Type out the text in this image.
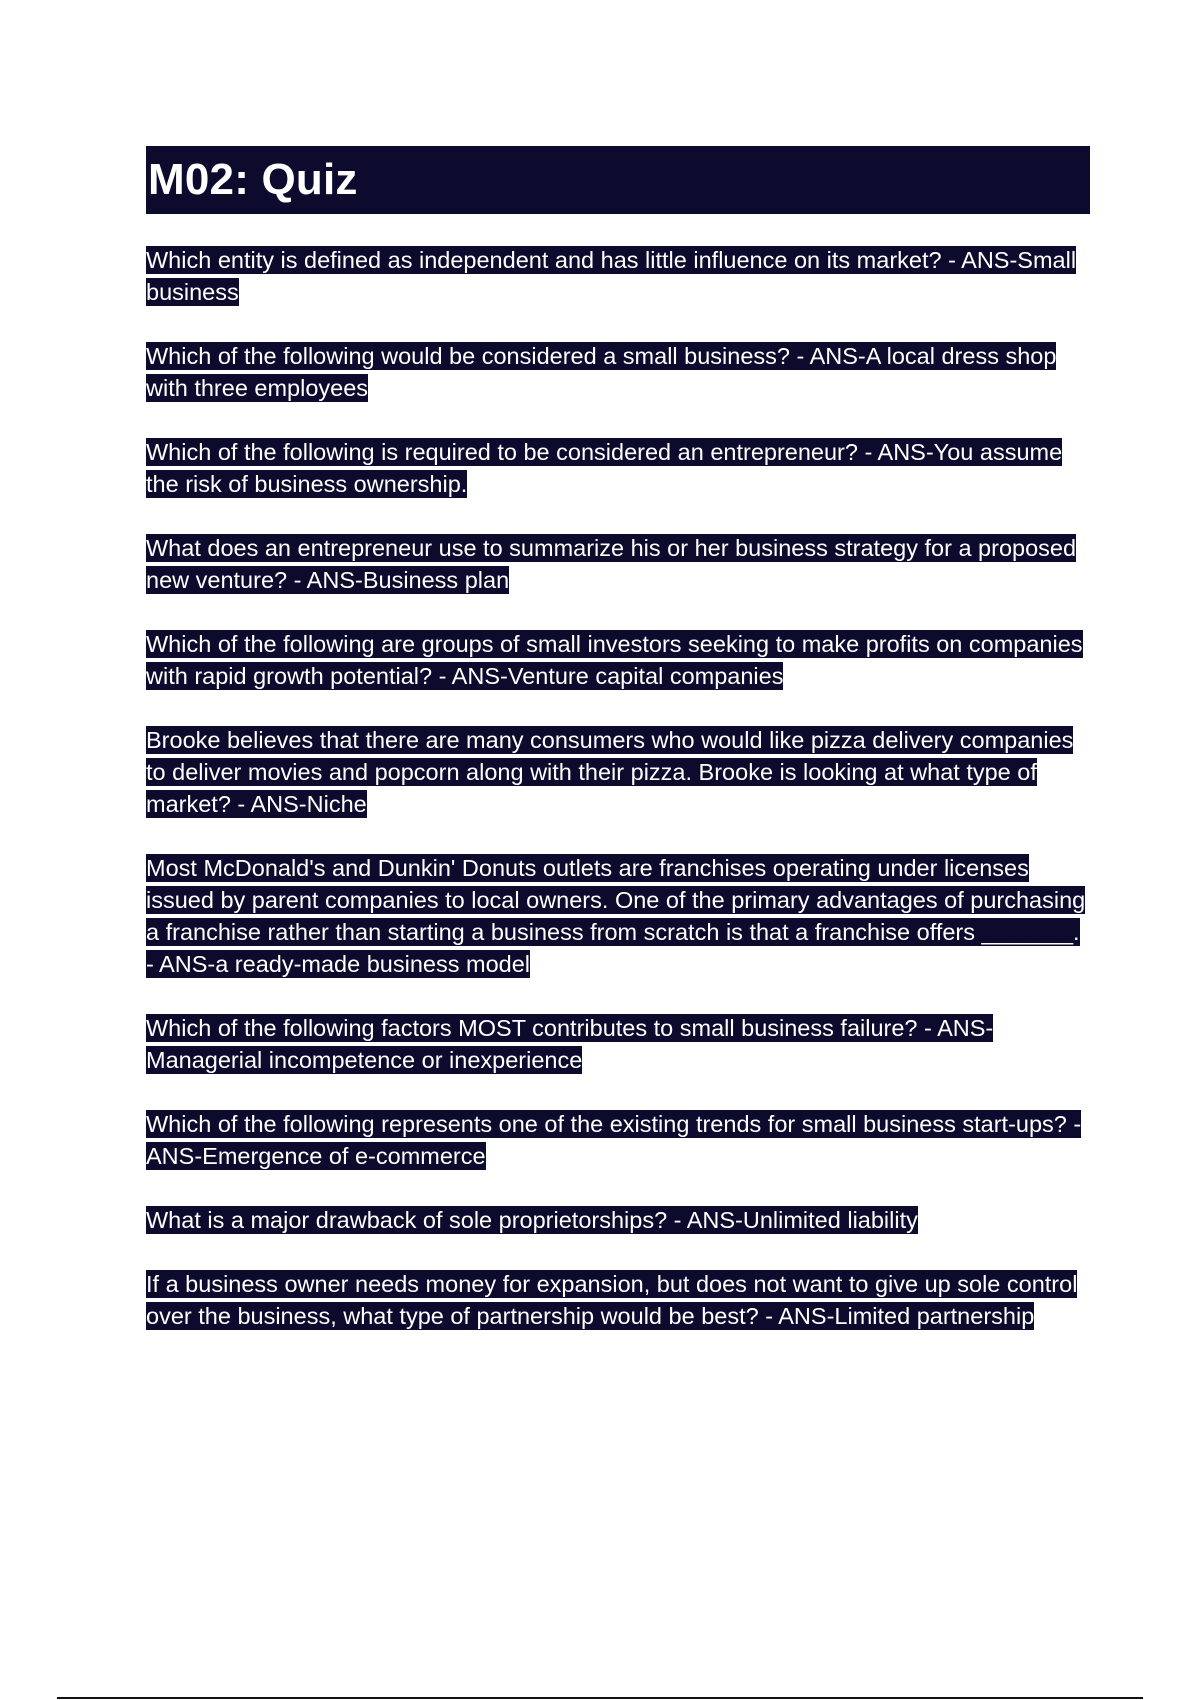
M02: Quiz

Which entity is defined as independent and has little influence on its market? - ANS-Small business

Which of the following would be considered a small business? - ANS-A local dress shop with three employees

Which of the following is required to be considered an entrepreneur? - ANS-You assume the risk of business ownership.

What does an entrepreneur use to summarize his or her business strategy for a proposed new venture? - ANS-Business plan

Which of the following are groups of small investors seeking to make profits on companies with rapid growth potential? - ANS-Venture capital companies

Brooke believes that there are many consumers who would like pizza delivery companies to deliver movies and popcorn along with their pizza. Brooke is looking at what type of market? - ANS-Niche

Most McDonald's and Dunkin' Donuts outlets are franchises operating under licenses issued by parent companies to local owners. One of the primary advantages of purchasing a franchise rather than starting a business from scratch is that a franchise offers _______. - ANS-a ready-made business model

Which of the following factors MOST contributes to small business failure? - ANS-Managerial incompetence or inexperience

Which of the following represents one of the existing trends for small business start-ups? - ANS-Emergence of e-commerce

What is a major drawback of sole proprietorships? - ANS-Unlimited liability

If a business owner needs money for expansion, but does not want to give up sole control over the business, what type of partnership would be best? - ANS-Limited partnership
